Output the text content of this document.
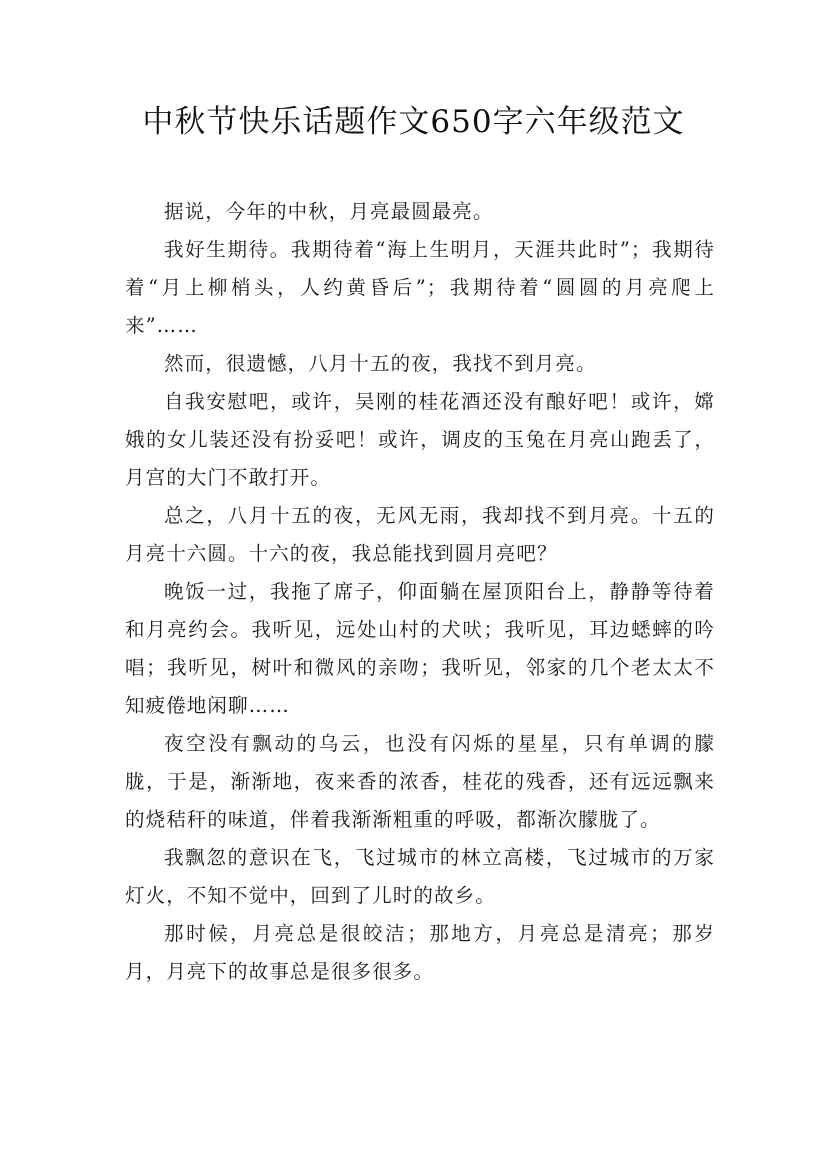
中秋节快乐话题作文650字六年级范文

据说，今年的中秋，月亮最圆最亮。

我好生期待。我期待着“海上生明月，天涯共此时”；我期待着“月上柳梢头，人约黄昏后”；我期待着“圆圆的月亮爬上来”……

然而，很遗憾，八月十五的夜，我找不到月亮。

自我安慰吧，或许，吴刚的桂花酒还没有酿好吧！或许，嫦娥的女儿装还没有扮妥吧！或许，调皮的玉兔在月亮山跑丢了，月宫的大门不敢打开。

总之，八月十五的夜，无风无雨，我却找不到月亮。十五的月亮十六圆。十六的夜，我总能找到圆月亮吧？

晚饭一过，我拖了席子，仰面躺在屋顶阳台上，静静等待着和月亮约会。我听见，远处山村的犬吠；我听见，耳边蟋蟀的吟唱；我听见，树叶和微风的亲吻；我听见，邻家的几个老太太不知疲倦地闲聊……

夜空没有飘动的乌云，也没有闪烁的星星，只有单调的朦胧，于是，渐渐地，夜来香的浓香，桂花的残香，还有远远飘来的烧秸秆的味道，伴着我渐渐粗重的呼吸，都渐次朦胧了。

我飘忽的意识在飞，飞过城市的林立高楼，飞过城市的万家灯火，不知不觉中，回到了儿时的故乡。

那时候，月亮总是很皎洁；那地方，月亮总是清亮；那岁月，月亮下的故事总是很多很多。
